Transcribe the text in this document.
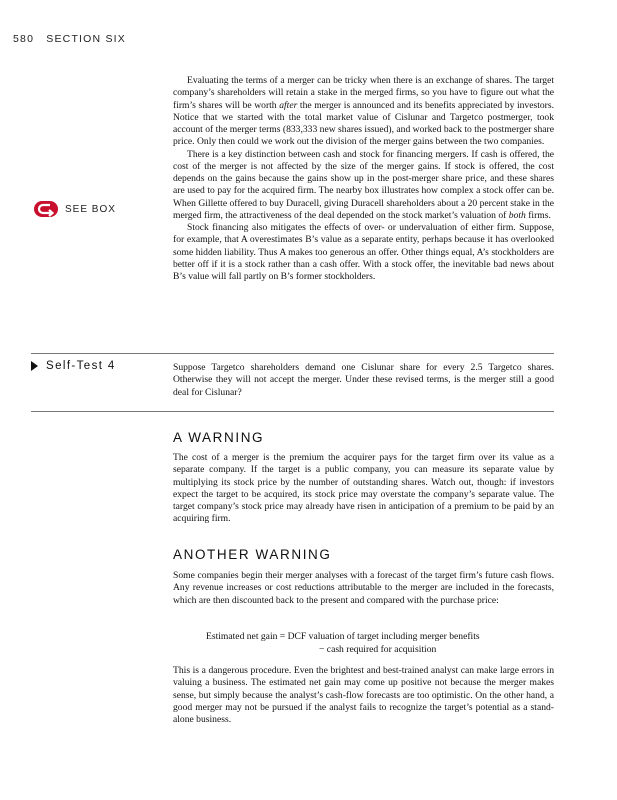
580 SECTION SIX

Evaluating the terms of a merger can be tricky when there is an exchange of shares. The target company’s shareholders will retain a stake in the merged firms, so you have to figure out what the firm’s shares will be worth after the merger is announced and its benefits appreciated by investors. Notice that we started with the total market value of Cislunar and Targetco postmerger, took account of the merger terms (833,333 new shares issued), and worked back to the postmerger share price. Only then could we work out the division of the merger gains between the two companies.

There is a key distinction between cash and stock for financing mergers. If cash is offered, the cost of the merger is not affected by the size of the merger gains. If stock is offered, the cost depends on the gains because the gains show up in the post-merger share price, and these shares are used to pay for the acquired firm. The nearby box illustrates how complex a stock offer can be. When Gillette offered to buy Duracell, giving Duracell shareholders about a 20 percent stake in the merged firm, the attractiveness of the deal depended on the stock market’s valuation of both firms.

Stock financing also mitigates the effects of over- or undervaluation of either firm. Suppose, for example, that A overestimates B’s value as a separate entity, perhaps because it has overlooked some hidden liability. Thus A makes too generous an offer. Other things equal, A’s stockholders are better off if it is a stock rather than a cash offer. With a stock offer, the inevitable bad news about B’s value will fall partly on B’s former stockholders.

SEE BOX
Self-Test 4	Suppose Targetco shareholders demand one Cislunar share for every 2.5 Targetco shares. Otherwise they will not accept the merger. Under these revised terms, is the merger still a good deal for Cislunar?

A WARNING

The cost of a merger is the premium the acquirer pays for the target firm over its value as a separate company. If the target is a public company, you can measure its separate value by multiplying its stock price by the number of outstanding shares. Watch out, though: if investors expect the target to be acquired, its stock price may overstate the company’s separate value. The target company’s stock price may already have risen in anticipation of a premium to be paid by an acquiring firm.

ANOTHER WARNING

Some companies begin their merger analyses with a forecast of the target firm’s future cash flows. Any revenue increases or cost reductions attributable to the merger are included in the forecasts, which are then discounted back to the present and compared with the purchase price:

Estimated net gain = DCF valuation of target including merger benefits
− cash required for acquisition

This is a dangerous procedure. Even the brightest and best-trained analyst can make large errors in valuing a business. The estimated net gain may come up positive not because the merger makes sense, but simply because the analyst’s cash-flow forecasts are too optimistic. On the other hand, a good merger may not be pursued if the analyst fails to recognize the target’s potential as a stand-alone business.
